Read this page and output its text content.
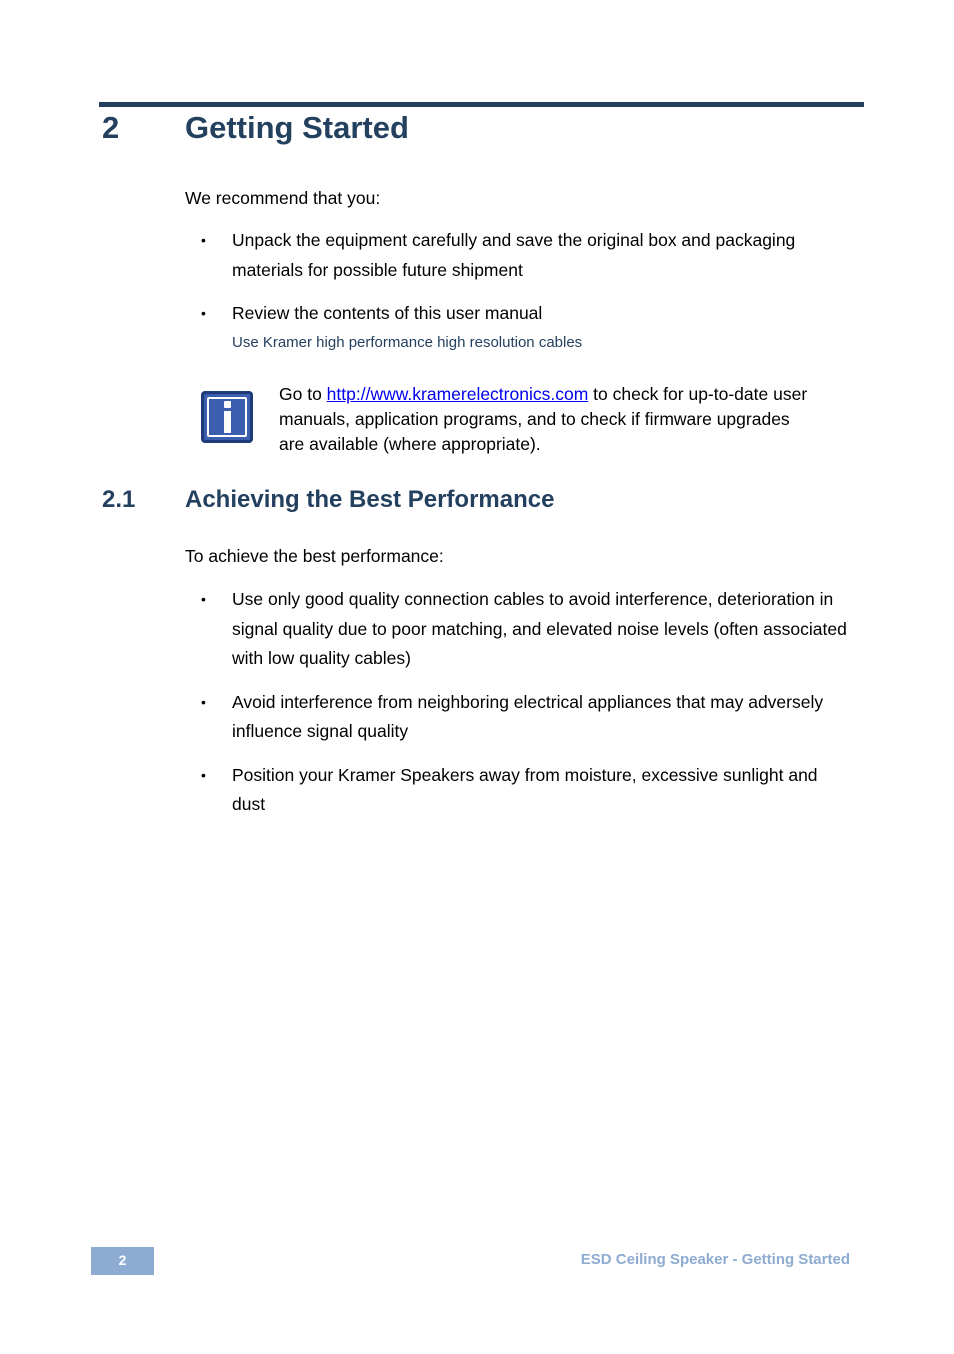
2 Getting Started
We recommend that you:
• Unpack the equipment carefully and save the original box and packaging materials for possible future shipment
• Review the contents of this user manual
Use Kramer high performance high resolution cables
Go to http://www.kramerelectronics.com to check for up-to-date user manuals, application programs, and to check if firmware upgrades are available (where appropriate).
2.1 Achieving the Best Performance
To achieve the best performance:
• Use only good quality connection cables to avoid interference, deterioration in signal quality due to poor matching, and elevated noise levels (often associated with low quality cables)
• Avoid interference from neighboring electrical appliances that may adversely influence signal quality
• Position your Kramer Speakers away from moisture, excessive sunlight and dust
2	ESD Ceiling Speaker - Getting Started
